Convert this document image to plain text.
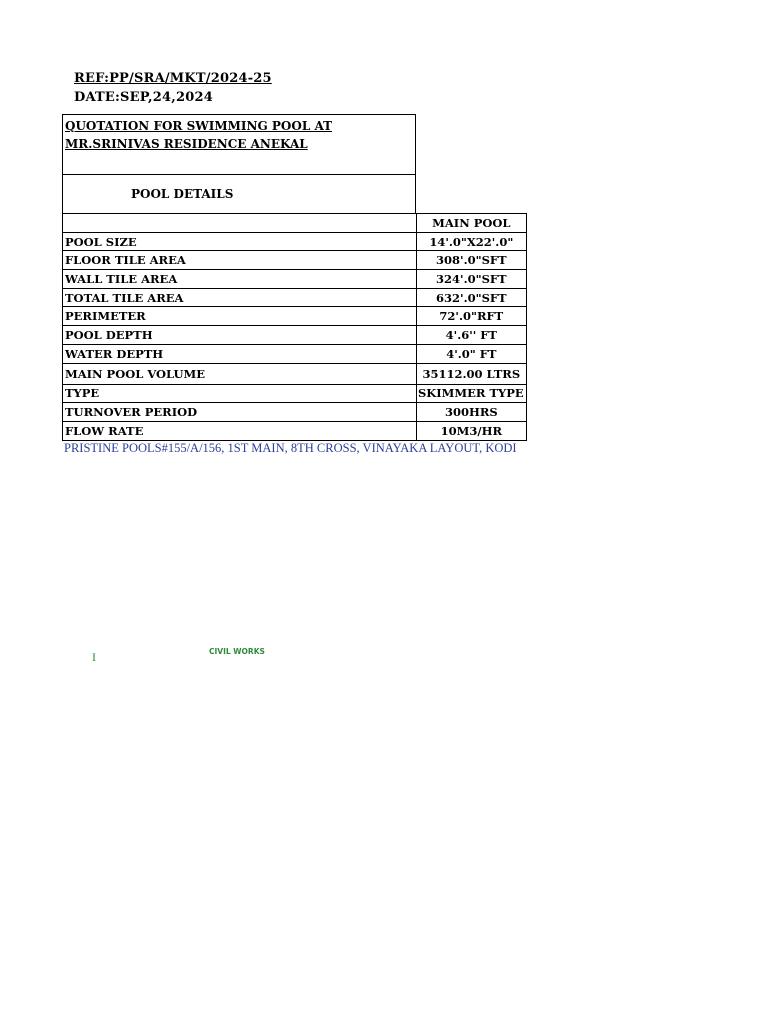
REF:PP/SRA/MKT/2024-25
DATE:SEP,24,2024
QUOTATION FOR SWIMMING POOL AT
MR.SRINIVAS RESIDENCE ANEKAL
POOL DETAILS
	MAIN POOL
POOL SIZE	14'.0"X22'.0"
FLOOR TILE AREA	308'.0"SFT
WALL TILE AREA	324'.0"SFT
TOTAL TILE AREA	632'.0"SFT
PERIMETER	72'.0"RFT
POOL DEPTH	4'.6'' FT
WATER DEPTH	4'.0" FT
MAIN POOL VOLUME	35112.00 LTRS
TYPE	SKIMMER TYPE
TURNOVER PERIOD	300HRS
FLOW RATE	10M3/HR
PRISTINE POOLS#155/A/156, 1ST MAIN, 8TH CROSS, VINAYAKA LAYOUT, KODI
I	CIVIL WORKS
